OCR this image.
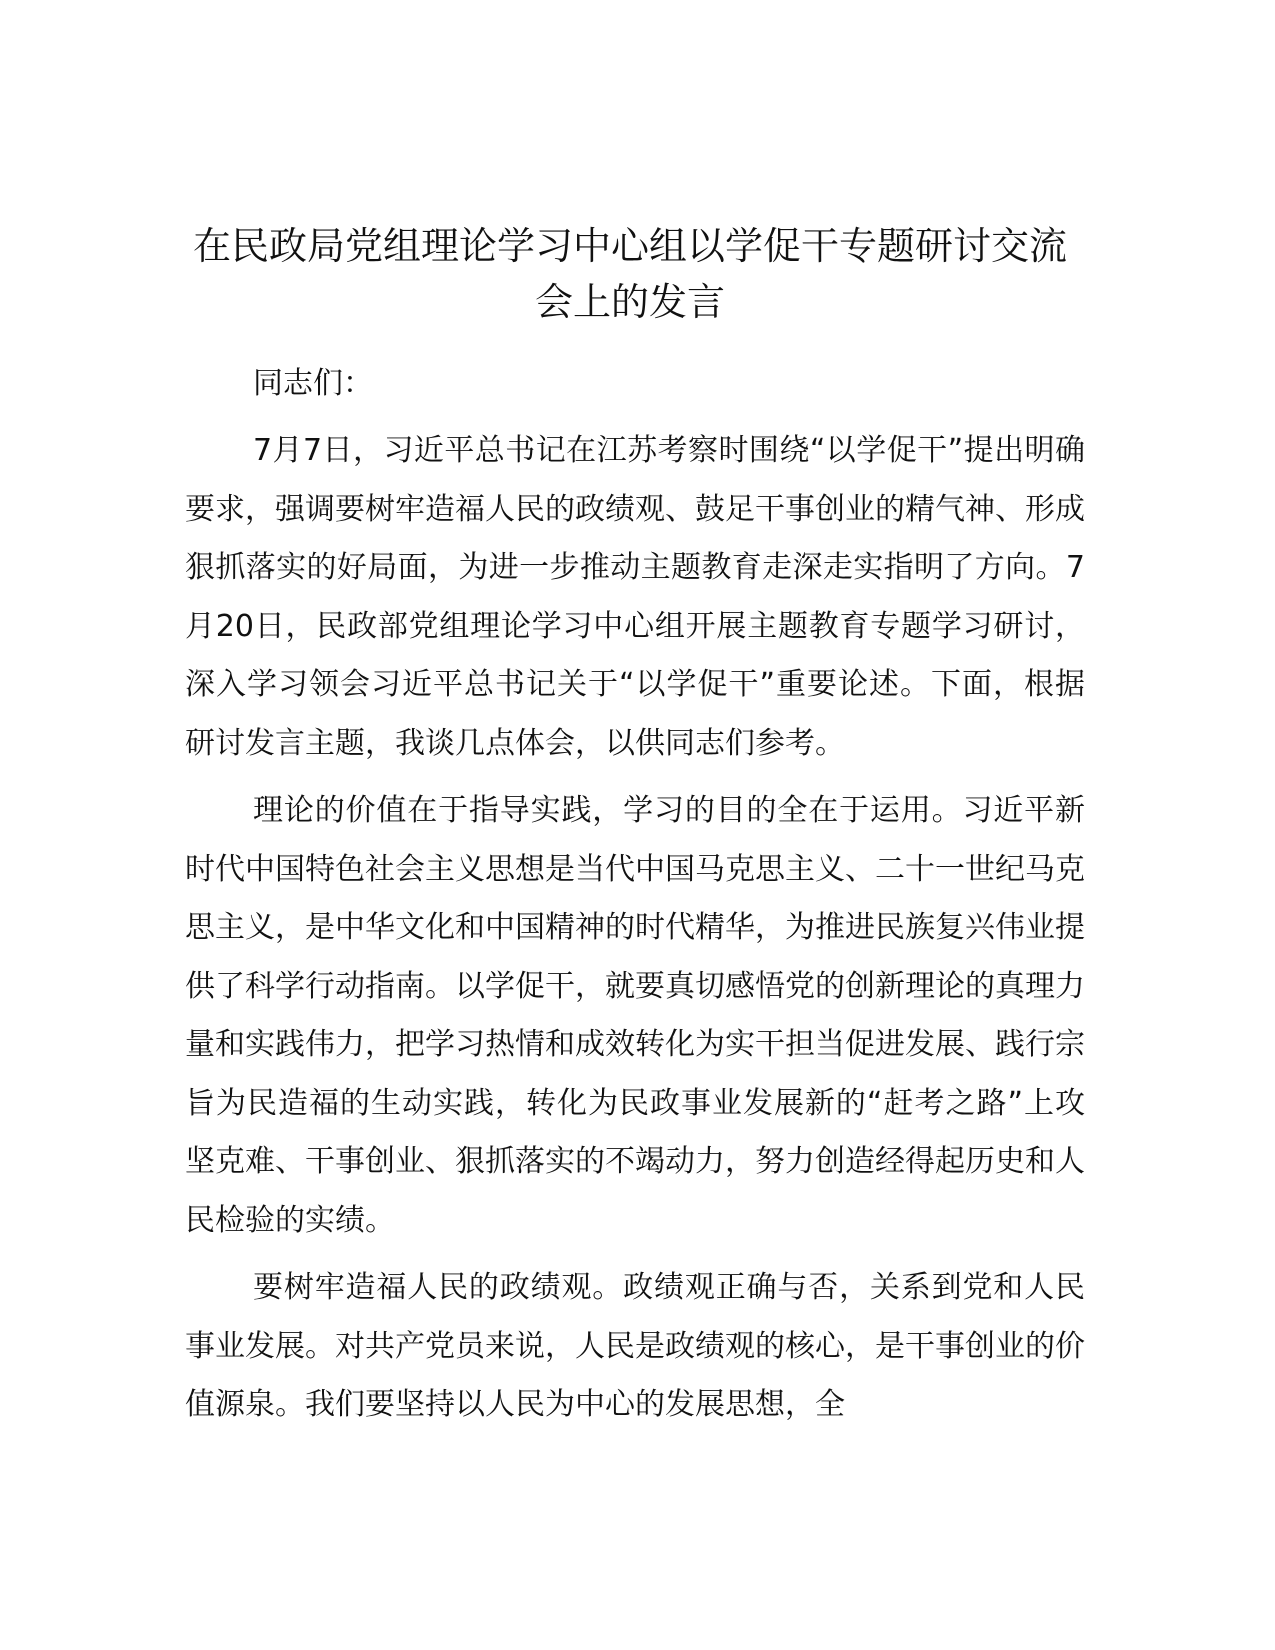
在民政局党组理论学习中心组以学促干专题研讨交流会上的发言

同志们：

7月7日，习近平总书记在江苏考察时围绕“以学促干”提出明确要求，强调要树牢造福人民的政绩观、鼓足干事创业的精气神、形成狠抓落实的好局面，为进一步推动主题教育走深走实指明了方向。7月20日，民政部党组理论学习中心组开展主题教育专题学习研讨，深入学习领会习近平总书记关于“以学促干”重要论述。下面，根据研讨发言主题，我谈几点体会，以供同志们参考。

理论的价值在于指导实践，学习的目的全在于运用。习近平新时代中国特色社会主义思想是当代中国马克思主义、二十一世纪马克思主义，是中华文化和中国精神的时代精华，为推进民族复兴伟业提供了科学行动指南。以学促干，就要真切感悟党的创新理论的真理力量和实践伟力，把学习热情和成效转化为实干担当促进发展、践行宗旨为民造福的生动实践，转化为民政事业发展新的“赶考之路”上攻坚克难、干事创业、狠抓落实的不竭动力，努力创造经得起历史和人民检验的实绩。

要树牢造福人民的政绩观。政绩观正确与否，关系到党和人民事业发展。对共产党员来说，人民是政绩观的核心，是干事创业的价值源泉。我们要坚持以人民为中心的发展思想，全
